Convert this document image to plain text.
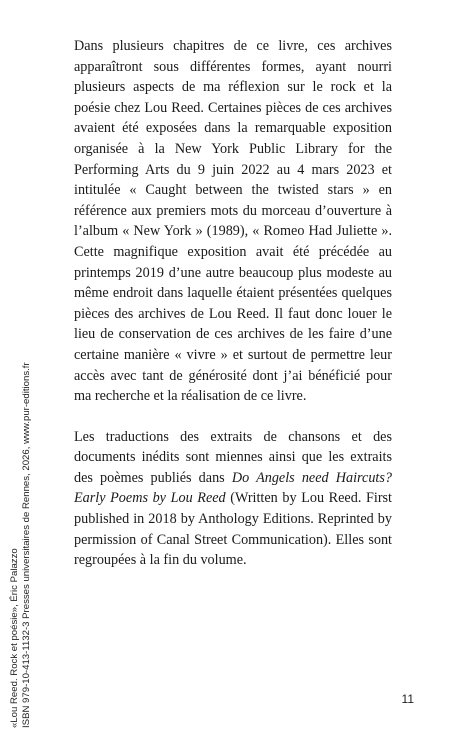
Dans plusieurs chapitres de ce livre, ces archives apparaîtront sous différentes formes, ayant nourri plusieurs aspects de ma réflexion sur le rock et la poésie chez Lou Reed. Certaines pièces de ces archives avaient été exposées dans la remarquable exposition organisée à la New York Public Library for the Performing Arts du 9 juin 2022 au 4 mars 2023 et intitulée « Caught between the twisted stars » en référence aux premiers mots du morceau d’ouverture à l’album « New York » (1989), « Romeo Had Juliette ». Cette magnifique exposition avait été précédée au printemps 2019 d’une autre beaucoup plus modeste au même endroit dans laquelle étaient présentées quelques pièces des archives de Lou Reed. Il faut donc louer le lieu de conservation de ces archives de les faire d’une certaine manière « vivre » et surtout de permettre leur accès avec tant de générosité dont j’ai bénéficié pour ma recherche et la réalisation de ce livre.

Les traductions des extraits de chansons et des documents inédits sont miennes ainsi que les extraits des poèmes publiés dans Do Angels need Haircuts? Early Poems by Lou Reed (Written by Lou Reed. First published in 2018 by Anthology Editions. Reprinted by permission of Canal Street Communication). Elles sont regroupées à la fin du volume.

«Lou Reed. Rock et poésie», Éric Palazzo ISBN 979-10-413-1132-3 Presses universitaires de Rennes, 2026, www.pur-editions.fr	11
